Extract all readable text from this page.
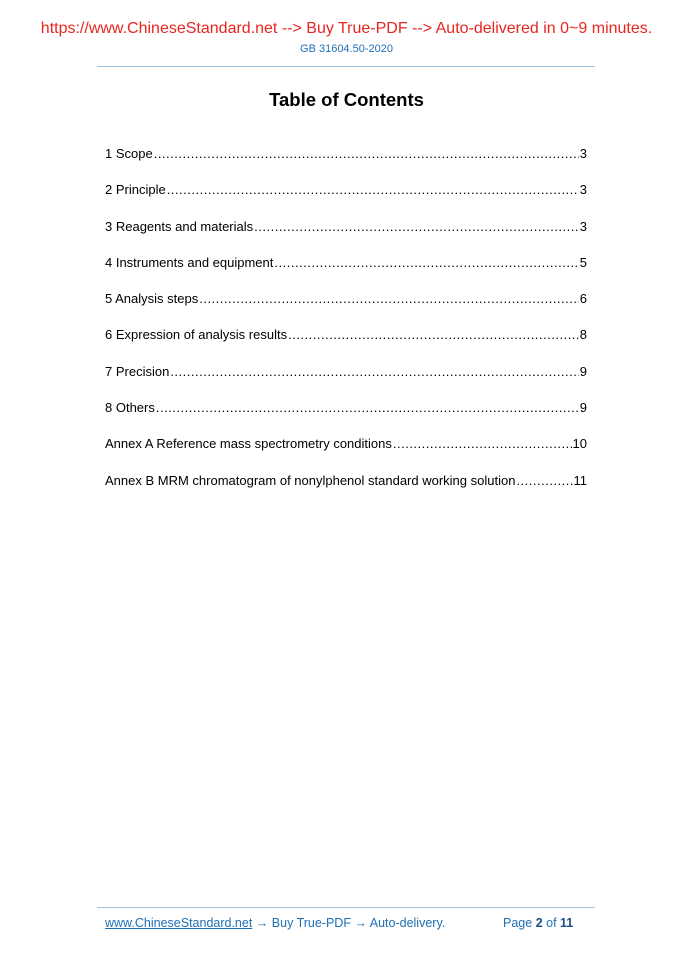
https://www.ChineseStandard.net --> Buy True-PDF --> Auto-delivered in 0~9 minutes.
GB 31604.50-2020
Table of Contents
1 Scope .....	3
2 Principle .....	3
3 Reagents and materials .....	3
4 Instruments and equipment .....	5
5 Analysis steps .....	6
6 Expression of analysis results .....	8
7 Precision .....	9
8 Others .....	9
Annex A Reference mass spectrometry conditions .....	10
Annex B MRM chromatogram of nonylphenol standard working solution .....	11
www.ChineseStandard.net → Buy True-PDF → Auto-delivery.	Page 2 of 11
